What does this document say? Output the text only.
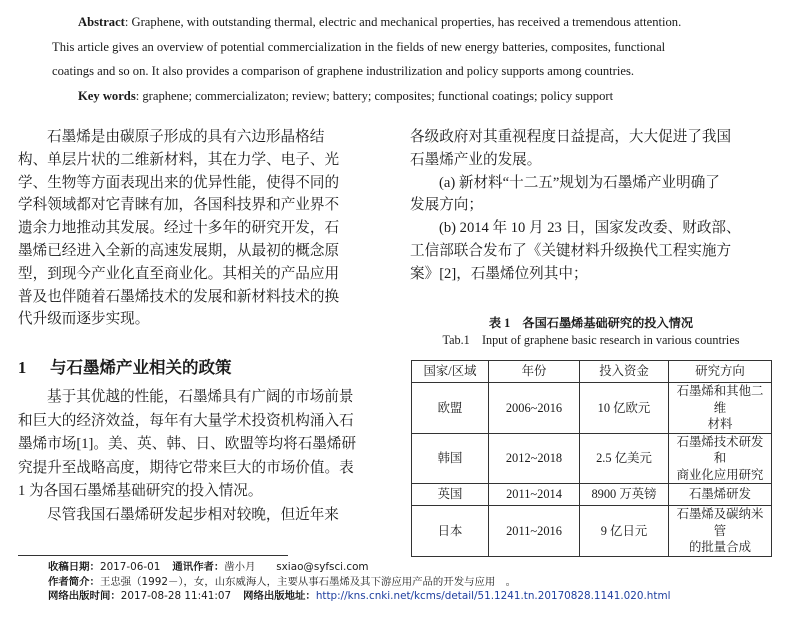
Abstract: Graphene, with outstanding thermal, electric and mechanical properties, has received a tremendous attention.
This article gives an overview of potential commercialization in the fields of new energy batteries, composites, functional
coatings and so on. It also provides a comparison of graphene industrilization and policy supports among countries.
Key words: graphene; commercializaton; review; battery; composites; functional coatings; policy support
石墨烯是由碳原子形成的具有六边形晶格结
构、单层片状的二维新材料，其在力学、电子、光
学、生物等方面表现出来的优异性能，使得不同的
学科领域都对它青睐有加，各国科技界和产业界不
遗余力地推动其发展。经过十多年的研究开发，石
墨烯已经进入全新的高速发展期，从最初的概念原
型，到现今产业化直至商业化。其相关的产品应用
普及也伴随着石墨烯技术的发展和新材料技术的换
代升级而逐步实现。
1 与石墨烯产业相关的政策
基于其优越的性能，石墨烯具有广阔的市场前景
和巨大的经济效益，每年有大量学术投资机构涌入石
墨烯市场[1]。美、英、韩、日、欧盟等均将石墨烯研
究提升至战略高度，期待它带来巨大的市场价值。表
1 为各国石墨烯基础研究的投入情况。
尽管我国石墨烯研发起步相对较晚，但近年来
各级政府对其重视程度日益提高，大大促进了我国
石墨烯产业的发展。
(a) 新材料“十二五”规划为石墨烯产业明确了
发展方向；
(b) 2014 年 10 月 23 日，国家发改委、财政部、
工信部联合发布了《关键材料升级换代工程实施方
案》[2]，石墨烯位列其中；
表 1　各国石墨烯基础研究的投入情况
Tab.1　Input of graphene basic research in various countries
国家/区域	年份	投入资金	研究方向
欧盟	2006~2016	10 亿欧元	石墨烯和其他二维
材料
韩国	2012~2018	2.5 亿美元	石墨烯技术研发和
商业化应用研究
英国	2011~2014	8900 万英镑	石墨烯研发
日本	2011~2016	9 亿日元	石墨烯及碳纳米管
的批量合成
收稿日期：2017-06-01 通讯作者：凿小月　　sxiao@syfsci.com
作者简介：王忠强（1992－），女，山东威海人，主要从事石墨烯及其下游应用产品的开发与应用　。
网络出版时间：2017-08-28 11:41:07 网络出版地址：http://kns.cnki.net/kcms/detail/51.1241.tn.20170828.1141.020.html
